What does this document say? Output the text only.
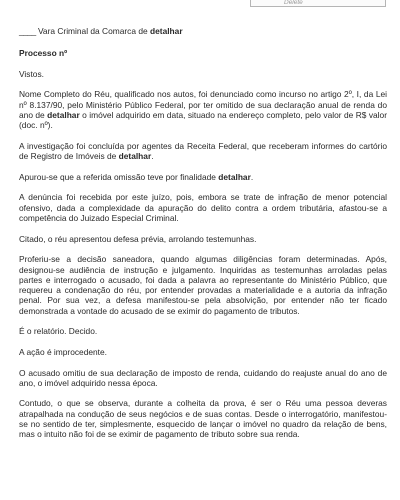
Delete

____ Vara Criminal da Comarca de detalhar

Processo nº

Vistos.

Nome Completo do Réu, qualificado nos autos, foi denunciado como incurso no artigo 2º, I, da Lei nº 8.137/90, pelo Ministério Público Federal, por ter omitido de sua declaração anual de renda do ano de detalhar o imóvel adquirido em data, situado na endereço completo, pelo valor de R$ valor (doc. nº).

A investigação foi concluída por agentes da Receita Federal, que receberam informes do cartório de Registro de Imóveis de detalhar.

Apurou-se que a referida omissão teve por finalidade detalhar.

A denúncia foi recebida por este juízo, pois, embora se trate de infração de menor potencial ofensivo, dada a complexidade da apuração do delito contra a ordem tributária, afastou-se a competência do Juizado Especial Criminal.

Citado, o réu apresentou defesa prévia, arrolando testemunhas.

Proferiu-se a decisão saneadora, quando algumas diligências foram determinadas. Após, designou-se audiência de instrução e julgamento. Inquiridas as testemunhas arroladas pelas partes e interrogado o acusado, foi dada a palavra ao representante do Ministério Público, que requereu a condenação do réu, por entender provadas a materialidade e a autoria da infração penal. Por sua vez, a defesa manifestou-se pela absolvição, por entender não ter ficado demonstrada a vontade do acusado de se eximir do pagamento de tributos.

É o relatório. Decido.

A ação é improcedente.

O acusado omitiu de sua declaração de imposto de renda, cuidando do reajuste anual do ano de ano, o imóvel adquirido nessa época.

Contudo, o que se observa, durante a colheita da prova, é ser o Réu uma pessoa deveras atrapalhada na condução de seus negócios e de suas contas. Desde o interrogatório, manifestou-se no sentido de ter, simplesmente, esquecido de lançar o imóvel no quadro da relação de bens, mas o intuito não foi de se eximir de pagamento de tributo sobre sua renda.
